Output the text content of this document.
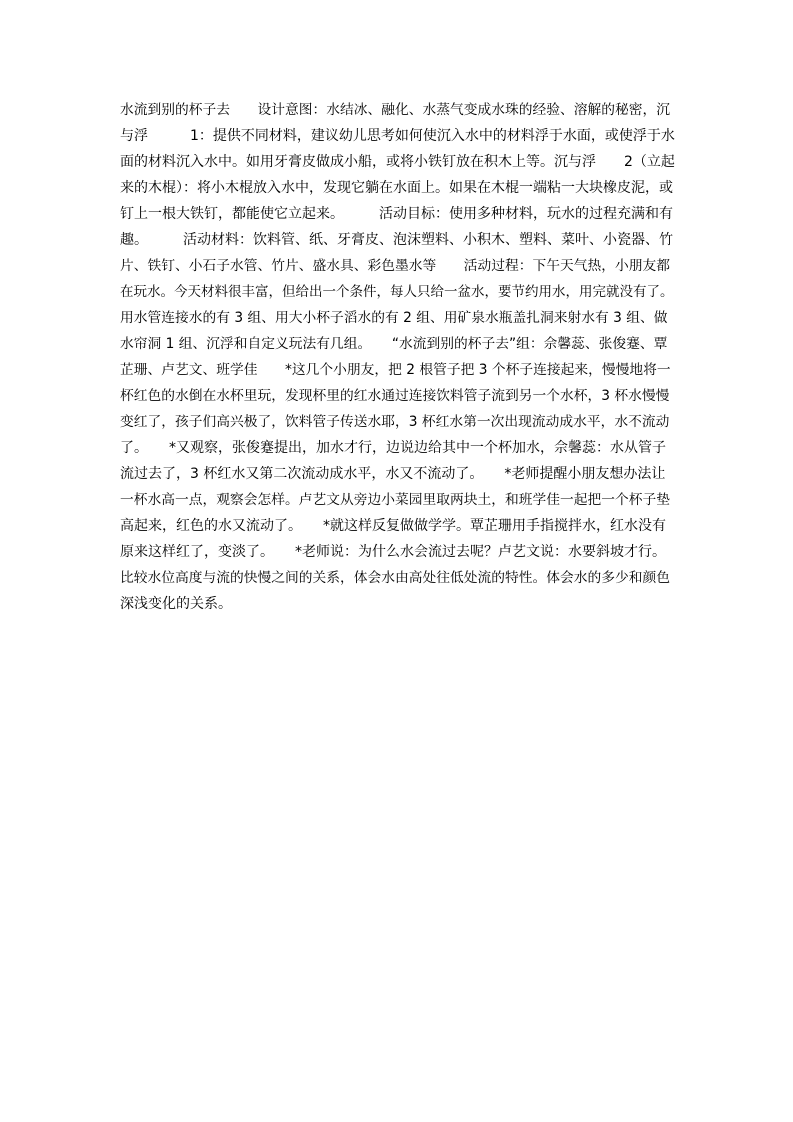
水流到别的杯子去　　设计意图：水结冰、融化、水蒸气变成水珠的经验、溶解的秘密，沉
与浮　　　1：提供不同材料，建议幼儿思考如何使沉入水中的材料浮于水面，或使浮于水
面的材料沉入水中。如用牙膏皮做成小船，或将小铁钉放在积木上等。沉与浮　　2（立起
来的木棍）：将小木棍放入水中，发现它躺在水面上。如果在木棍一端粘一大块橡皮泥，或
钉上一根大铁钉，都能使它立起来。　　　活动目标：使用多种材料，玩水的过程充满和有
趣。　　　活动材料：饮料管、纸、牙膏皮、泡沫塑料、小积木、塑料、菜叶、小瓷器、竹
片、铁钉、小石子水管、竹片、盛水具、彩色墨水等　　活动过程：下午天气热，小朋友都
在玩水。今天材料很丰富，但给出一个条件，每人只给一盆水，要节约用水，用完就没有了。
用水管连接水的有 3 组、用大小杯子滔水的有 2 组、用矿泉水瓶盖扎洞来射水有 3 组、做
水帘洞 1 组、沉浮和自定义玩法有几组。　　“水流到别的杯子去”组：佘馨蕊、张俊蹇、覃
芷珊、卢艺文、班学佳　　*这几个小朋友，把 2 根管子把 3 个杯子连接起来，慢慢地将一
杯红色的水倒在水杯里玩，发现杯里的红水通过连接饮料管子流到另一个水杯，3 杯水慢慢
变红了，孩子们高兴极了，饮料管子传送水耶，3 杯红水第一次出现流动成水平，水不流动
了。　　*又观察，张俊蹇提出，加水才行，边说边给其中一个杯加水，佘馨蕊：水从管子
流过去了，3 杯红水又第二次流动成水平，水又不流动了。　　*老师提醒小朋友想办法让
一杯水高一点，观察会怎样。卢艺文从旁边小菜园里取两块土，和班学佳一起把一个杯子垫
高起来，红色的水又流动了。　　*就这样反复做做学学。覃芷珊用手指搅拌水，红水没有
原来这样红了，变淡了。　　*老师说：为什么水会流过去呢？卢艺文说：水要斜坡才行。
比较水位高度与流的快慢之间的关系，体会水由高处往低处流的特性。体会水的多少和颜色
深浅变化的关系。
